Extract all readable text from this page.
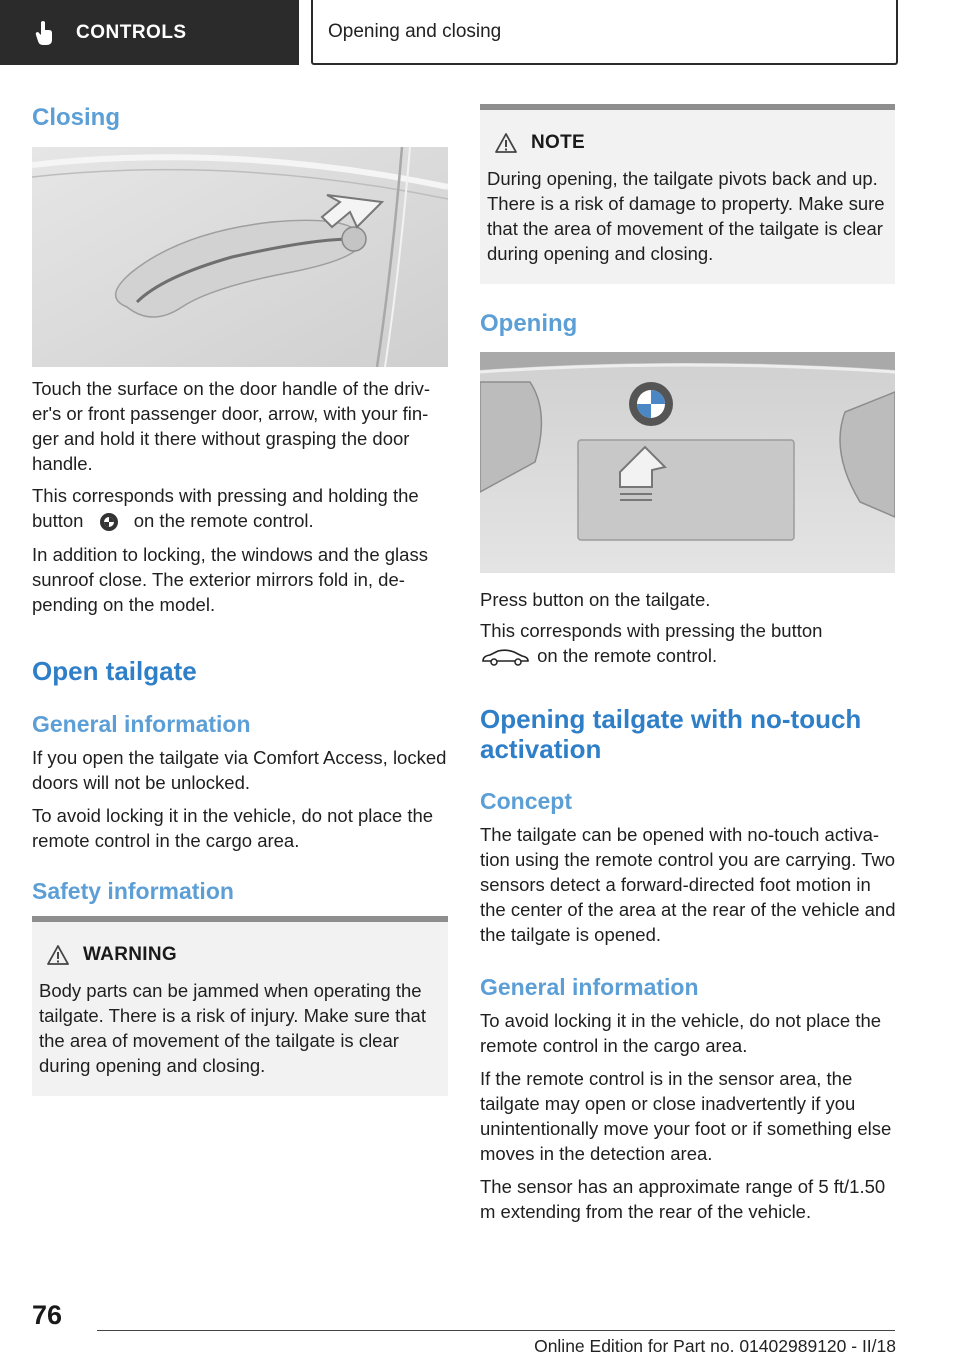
CONTROLS	Opening and closing
Closing

Touch the surface on the door handle of the driver's or front passenger door, arrow, with your finger and hold it there without grasping the door handle.

This corresponds with pressing and holding the

button	on the remote control.

In addition to locking, the windows and the glass sunroof close. The exterior mirrors fold in, depending on the model.

Open tailgate
General information

If you open the tailgate via Comfort Access, locked doors will not be unlocked.

To avoid locking it in the vehicle, do not place the remote control in the cargo area.

Safety information
WARNING

Body parts can be jammed when operating the tailgate. There is a risk of injury. Make sure that the area of movement of the tailgate is clear during opening and closing.

NOTE

During opening, the tailgate pivots back and up. There is a risk of damage to property. Make sure that the area of movement of the tailgate is clear during opening and closing.

Opening

Press button on the tailgate.

This corresponds with pressing the button

on the remote control.

Opening tailgate with no-touch activation
Concept

The tailgate can be opened with no-touch activation using the remote control you are carrying. Two sensors detect a forward-directed foot motion in the center of the area at the rear of the vehicle and the tailgate is opened.

General information

To avoid locking it in the vehicle, do not place the remote control in the cargo area.

If the remote control is in the sensor area, the tailgate may open or close inadvertently if you unintentionally move your foot or if something else moves in the detection area.

The sensor has an approximate range of 5 ft/1.50 m extending from the rear of the vehicle.

76
Online Edition for Part no. 01402989120 - II/18
